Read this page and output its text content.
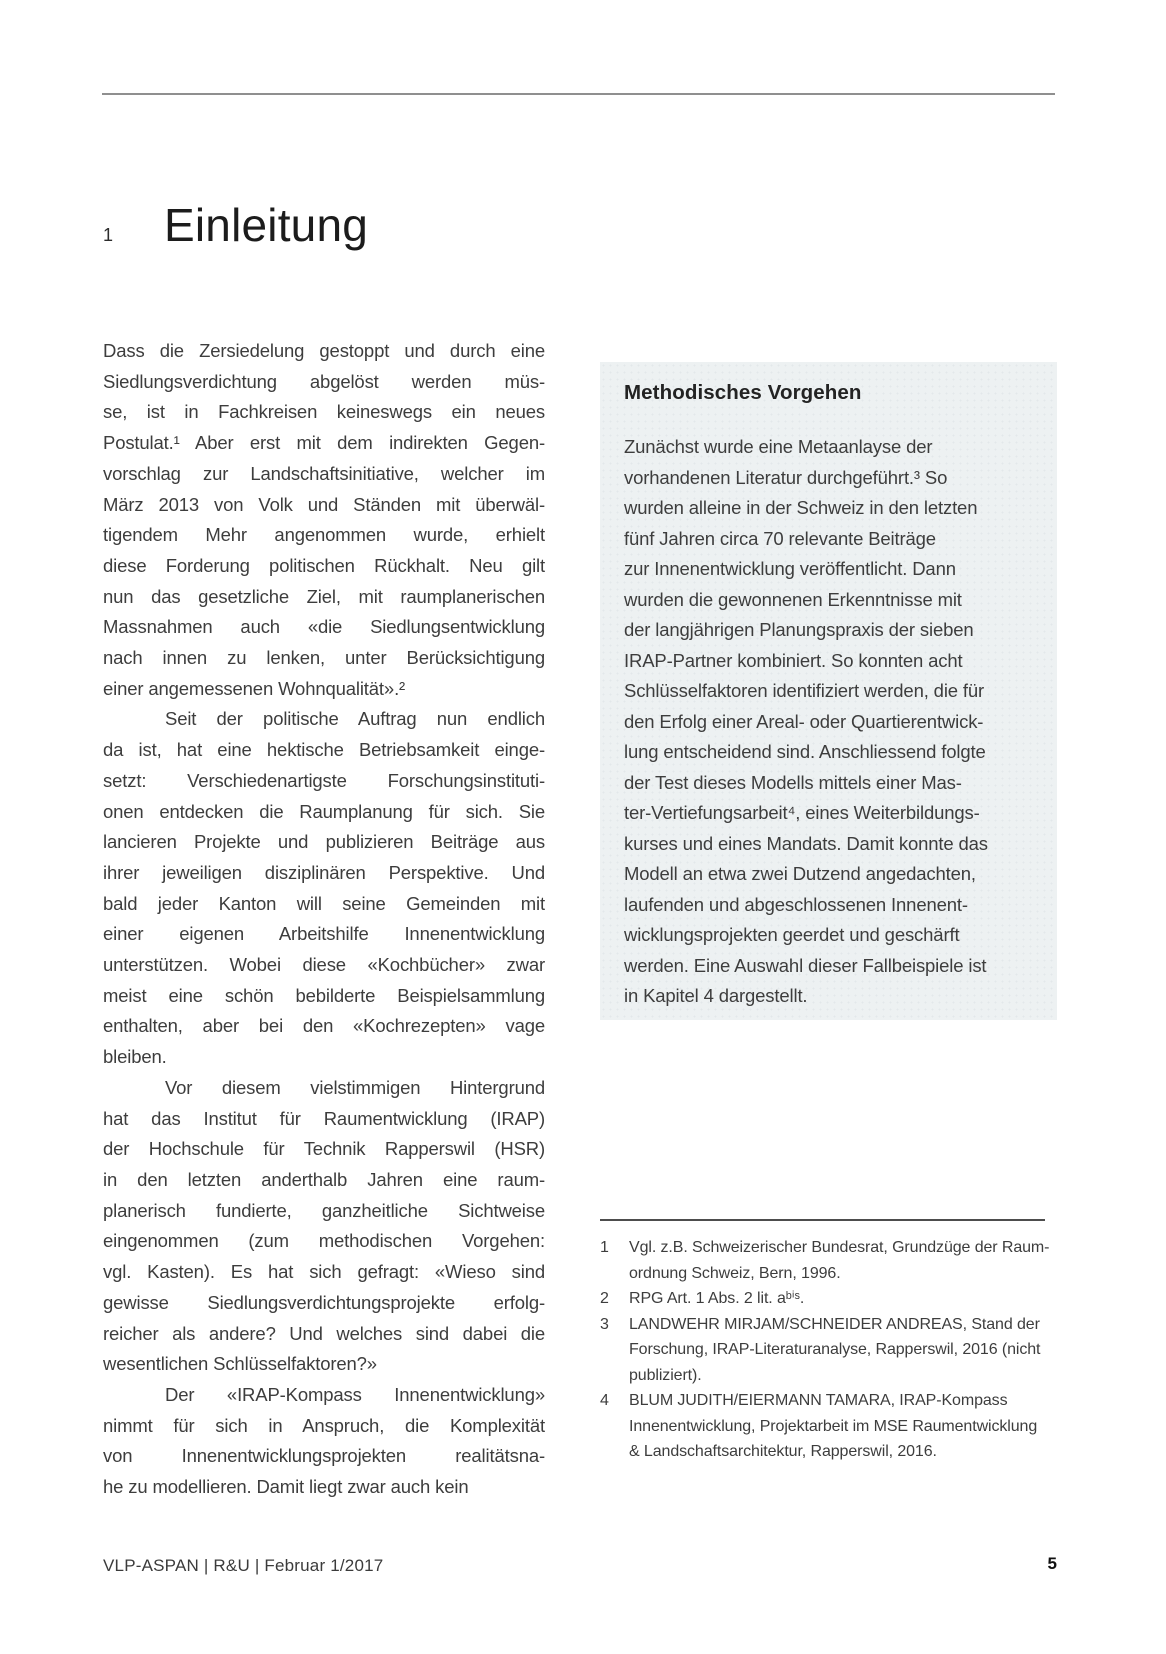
1	Einleitung
Dass die Zersiedelung gestoppt und durch eine
Siedlungsverdichtung abgelöst werden müs-
se, ist in Fachkreisen keineswegs ein neues
Postulat.¹ Aber erst mit dem indirekten Gegen-
vorschlag zur Landschaftsinitiative, welcher im
März 2013 von Volk und Ständen mit überwäl-
tigendem Mehr angenommen wurde, erhielt
diese Forderung politischen Rückhalt. Neu gilt
nun das gesetzliche Ziel, mit raumplanerischen
Massnahmen auch «die Siedlungsentwicklung
nach innen zu lenken, unter Berücksichtigung
einer angemessenen Wohnqualität».²
Seit der politische Auftrag nun endlich
da ist, hat eine hektische Betriebsamkeit einge-
setzt: Verschiedenartigste Forschungsinstituti-
onen entdecken die Raumplanung für sich. Sie
lancieren Projekte und publizieren Beiträge aus
ihrer jeweiligen disziplinären Perspektive. Und
bald jeder Kanton will seine Gemeinden mit
einer eigenen Arbeitshilfe Innenentwicklung
unterstützen. Wobei diese «Kochbücher» zwar
meist eine schön bebilderte Beispielsammlung
enthalten, aber bei den «Kochrezepten» vage
bleiben.
Vor diesem vielstimmigen Hintergrund
hat das Institut für Raumentwicklung (IRAP)
der Hochschule für Technik Rapperswil (HSR)
in den letzten anderthalb Jahren eine raum-
planerisch fundierte, ganzheitliche Sichtweise
eingenommen (zum methodischen Vorgehen:
vgl. Kasten). Es hat sich gefragt: «Wieso sind
gewisse Siedlungsverdichtungsprojekte erfolg-
reicher als andere? Und welches sind dabei die
wesentlichen Schlüsselfaktoren?»
Der «IRAP-Kompass Innenentwicklung»
nimmt für sich in Anspruch, die Komplexität
von Innenentwicklungsprojekten realitätsna-
he zu modellieren. Damit liegt zwar auch kein
Methodisches Vorgehen
Zunächst wurde eine Metaanlayse der
vorhandenen Literatur durchgeführt.³ So
wurden alleine in der Schweiz in den letzten
fünf Jahren circa 70 relevante Beiträge
zur Innenentwicklung veröffentlicht. Dann
wurden die gewonnenen Erkenntnisse mit
der langjährigen Planungspraxis der sieben
IRAP-Partner kombiniert. So konnten acht
Schlüsselfaktoren identifiziert werden, die für
den Erfolg einer Areal- oder Quartierentwick-
lung entscheidend sind. Anschliessend folgte
der Test dieses Modells mittels einer Mas-
ter-Vertiefungsarbeit⁴, eines Weiterbildungs-
kurses und eines Mandats. Damit konnte das
Modell an etwa zwei Dutzend angedachten,
laufenden und abgeschlossenen Innenent-
wicklungsprojekten geerdet und geschärft
werden. Eine Auswahl dieser Fallbeispiele ist
in Kapitel 4 dargestellt.
1	Vgl. z.B. Schweizerischer Bundesrat, Grundzüge der Raum-
ordnung Schweiz, Bern, 1996.
2	RPG Art. 1 Abs. 2 lit. aᵇⁱˢ.
3	LANDWEHR MIRJAM/SCHNEIDER ANDREAS, Stand der
Forschung, IRAP-Literaturanalyse, Rapperswil, 2016 (nicht
publiziert).
4	BLUM JUDITH/EIERMANN TAMARA, IRAP-Kompass
Innenentwicklung, Projektarbeit im MSE Raumentwicklung
& Landschaftsarchitektur, Rapperswil, 2016.
VLP-ASPAN | R&U | Februar 1/2017	5
